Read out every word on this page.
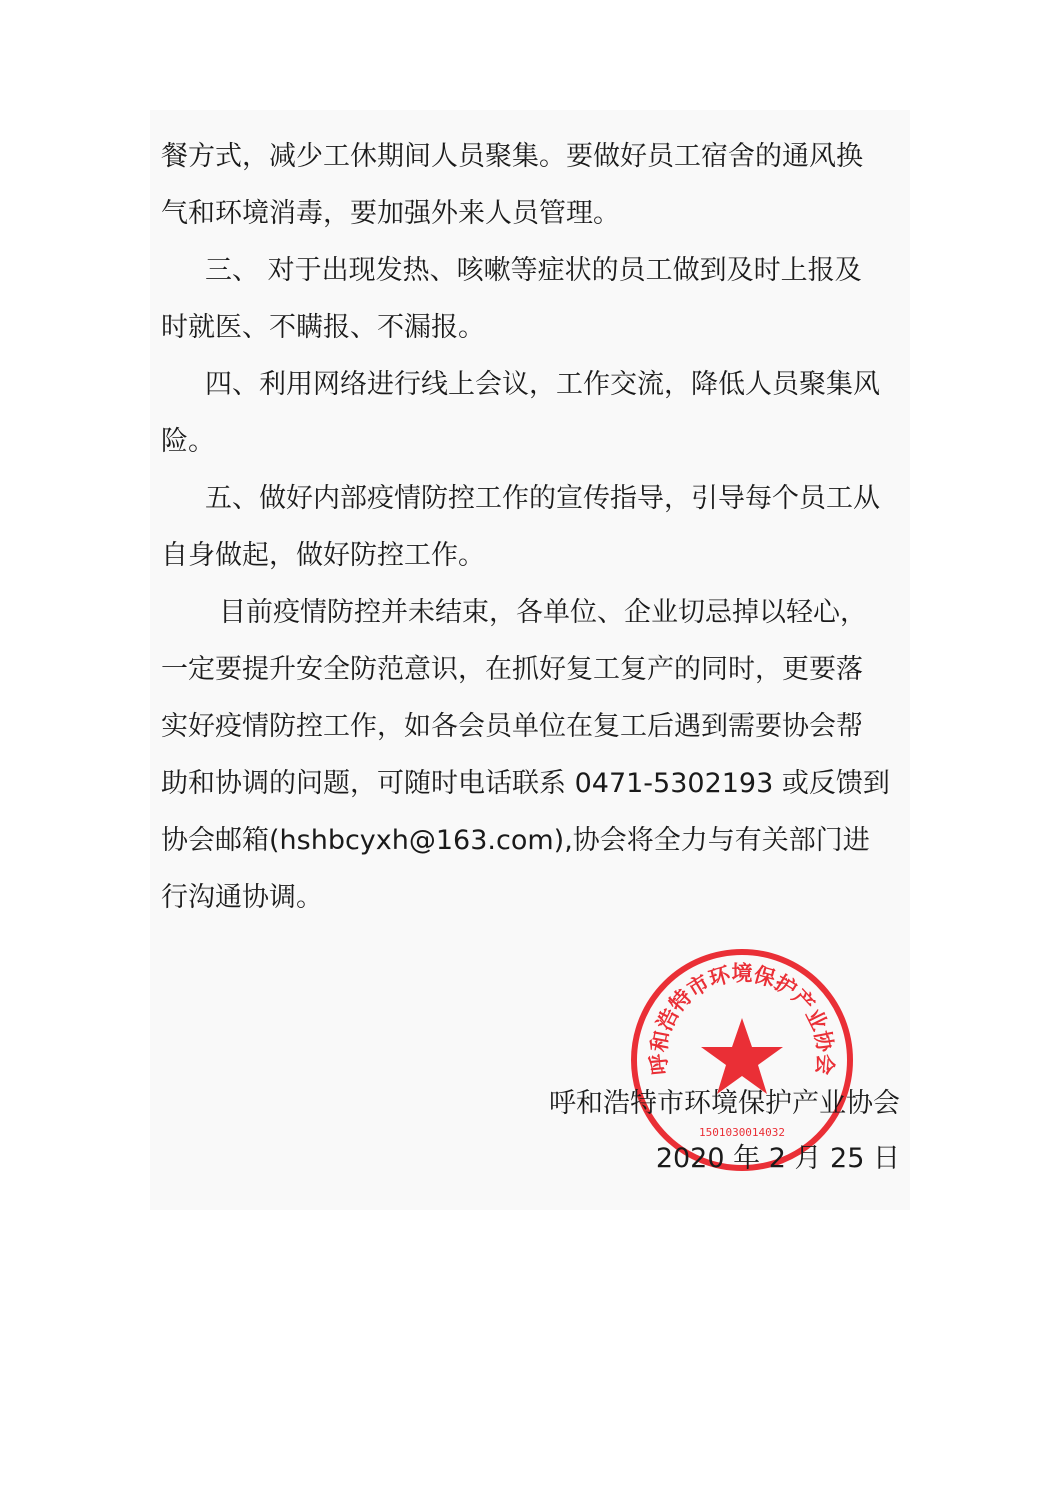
餐方式，减少工休期间人员聚集。要做好员工宿舍的通风换
气和环境消毒，要加强外来人员管理。

三、 对于出现发热、咳嗽等症状的员工做到及时上报及
时就医、不瞒报、不漏报。

四、利用网络进行线上会议，工作交流，降低人员聚集风
险。

五、做好内部疫情防控工作的宣传指导，引导每个员工从
自身做起，做好防控工作。

目前疫情防控并未结束，各单位、企业切忌掉以轻心，
一定要提升安全防范意识，在抓好复工复产的同时，更要落
实好疫情防控工作，如各会员单位在复工后遇到需要协会帮
助和协调的问题，可随时电话联系 0471-5302193 或反馈到
协会邮箱(hshbcyxh@163.com),协会将全力与有关部门进
行沟通协调。

呼和浩特市环境保护产业协会
1501030014032
呼和浩特市环境保护产业协会
2020 年 2 月 25 日
